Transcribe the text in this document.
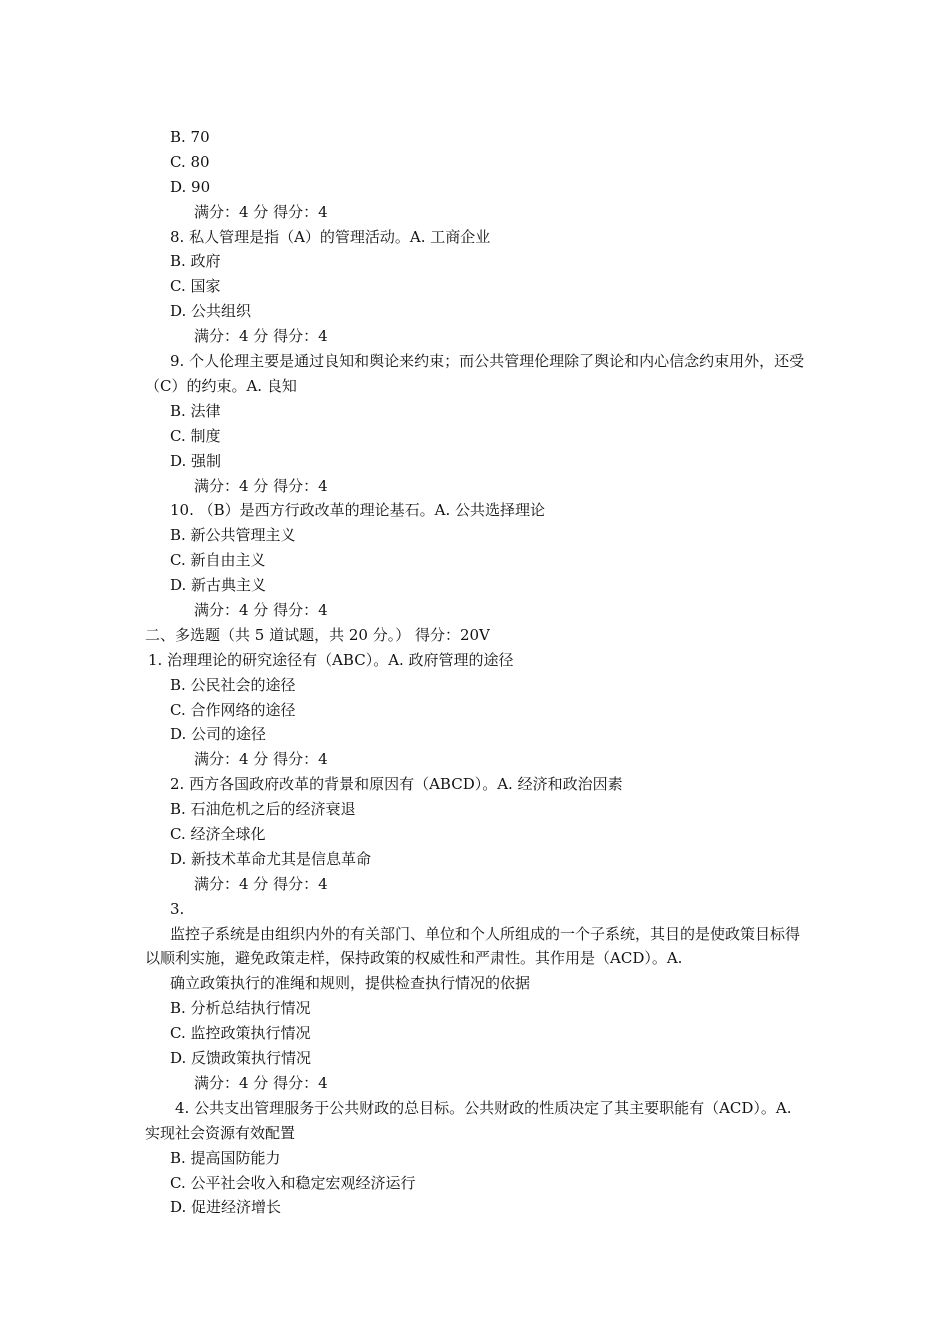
B. 70
C. 80
D. 90
满分：4 分 得分：4
8. 私人管理是指（A）的管理活动。A. 工商企业
B. 政府
C. 国家
D. 公共组织
满分：4 分 得分：4
9. 个人伦理主要是通过良知和舆论来约束；而公共管理伦理除了舆论和内心信念约束用外，还受（C）的约束。A. 良知
B. 法律
C. 制度
D. 强制
满分：4 分 得分：4
10. （B）是西方行政改革的理论基石。A. 公共选择理论
B. 新公共管理主义
C. 新自由主义
D. 新古典主义
满分：4 分 得分：4
二、多选题（共 5 道试题，共 20 分。） 得分：20V
1. 治理理论的研究途径有（ABC）。A. 政府管理的途径
B. 公民社会的途径
C. 合作网络的途径
D. 公司的途径
满分：4 分 得分：4
2. 西方各国政府改革的背景和原因有（ABCD）。A. 经济和政治因素
B. 石油危机之后的经济衰退
C. 经济全球化
D. 新技术革命尤其是信息革命
满分：4 分 得分：4
3.
监控子系统是由组织内外的有关部门、单位和个人所组成的一个子系统，其目的是使政策目标得以顺利实施，避免政策走样，保持政策的权威性和严肃性。其作用是（ACD）。A.
确立政策执行的准绳和规则，提供检查执行情况的依据
B. 分析总结执行情况
C. 监控政策执行情况
D. 反馈政策执行情况
满分：4 分 得分：4
4. 公共支出管理服务于公共财政的总目标。公共财政的性质决定了其主要职能有（ACD）。A. 实现社会资源有效配置
B. 提高国防能力
C. 公平社会收入和稳定宏观经济运行
D. 促进经济增长
